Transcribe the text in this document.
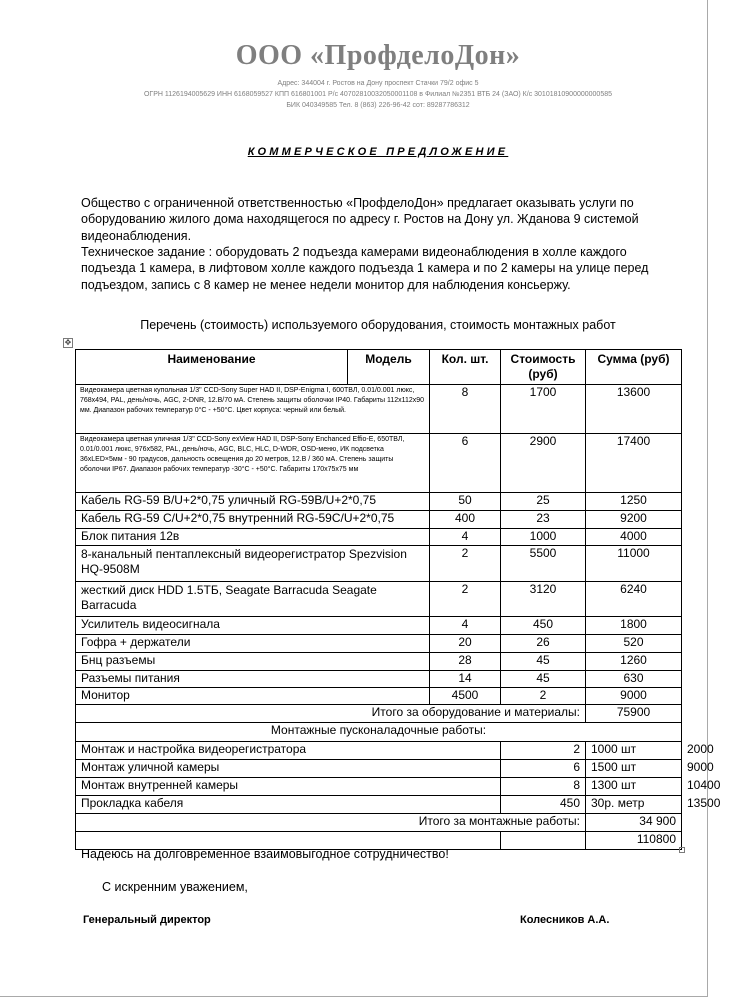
ООО «ПрофделоДон»
Адрес: 344004 г. Ростов на Дону проспект Стачки 79/2 офис 5
ОГРН 1126194005629 ИНН 6168059527 КПП 616801001 Р/с 40702810032050001108 в Филиал №2351 ВТБ 24 (ЗАО) К/с 30101810900000000585
БИК 040349585 Тел. 8 (863) 226-96-42 сот: 89287786312
КОММЕРЧЕСКОЕ ПРЕДЛОЖЕНИЕ
Общество с ограниченной ответственностью «ПрофделоДон» предлагает оказывать услуги по
оборудованию жилого дома находящегося по адресу г. Ростов на Дону ул. Жданова 9 системой
видеонаблюдения.
Техническое задание : оборудовать 2 подъезда камерами видеонаблюдения в холле каждого
подъезда 1 камера, в лифтовом холле каждого подъезда 1 камера и по 2 камеры на улице перед
подъездом, запись с 8 камер не менее недели монитор для наблюдения консьержу.
Перечень (стоимость) используемого оборудования, стоимость монтажных работ
✥
Наименование	Модель	Кол. шт.	Стоимость (руб)	Сумма (руб)	
Видеокамера цветная купольная 1/3" CCD-Sony Super HAD II, DSP-Enigma I, 600ТВЛ, 0.01/0.001 люкс, 768x494, PAL, день/ночь, AGC, 2-DNR, 12.В/70 мА. Степень защиты оболочки IP40. Габариты 112x112x90 мм. Диапазон рабочих температур 0°С - +50°С. Цвет корпуса: черный или белый.		8	1700	13600	
Видеокамера цветная уличная 1/3" CCD-Sony exView HAD II, DSP-Sony Enchanced Effio-E, 650ТВЛ, 0.01/0.001 люкс, 976x582, PAL, день/ночь, AGC, BLC, HLC, D-WDR, OSD-меню, ИК подсветка 36xLED×5мм - 90 градусов, дальность освещения до 20 метров, 12.В / 360 мА. Степень защиты оболочки IP67. Диапазон рабочих температур -30°С - +50°С. Габариты 170x75x75 мм		6	2900	17400	
Кабель RG-59 B/U+2*0,75 уличный RG-59B/U+2*0,75		50	25	1250	
Кабель RG-59 C/U+2*0,75 внутренний RG-59C/U+2*0,75		400	23	9200	
Блок питания 12в		4	1000	4000	
8-канальный пентаплексный видеорегистратор Spezvision HQ-9508M		2	5500	11000	
жесткий диск HDD 1.5ТБ, Seagate Barracuda Seagate Barracuda		2	3120	6240	
Усилитель видеосигнала		4	450	1800	
Гофра + держатели		20	26	520	
Бнц разъемы		28	45	1260	
Разъемы питания		14	45	630	
Монитор		4500	2	9000	
Итого за оборудование и материалы:				75900	
Монтажные пусконаладочные работы:					
Монтаж и настройка видеорегистратора			2	1000 шт	2000
Монтаж уличной камеры			6	1500 шт	9000
Монтаж внутренней камеры			8	1300 шт	10400
Прокладка кабеля			450	30р. метр	13500
Итого за монтажные работы:				34 900	
				110800	
Надеюсь на долговременное взаимовыгодное сотрудничество!
С искренним уважением,
Генеральный директор	Колесников А.А.
